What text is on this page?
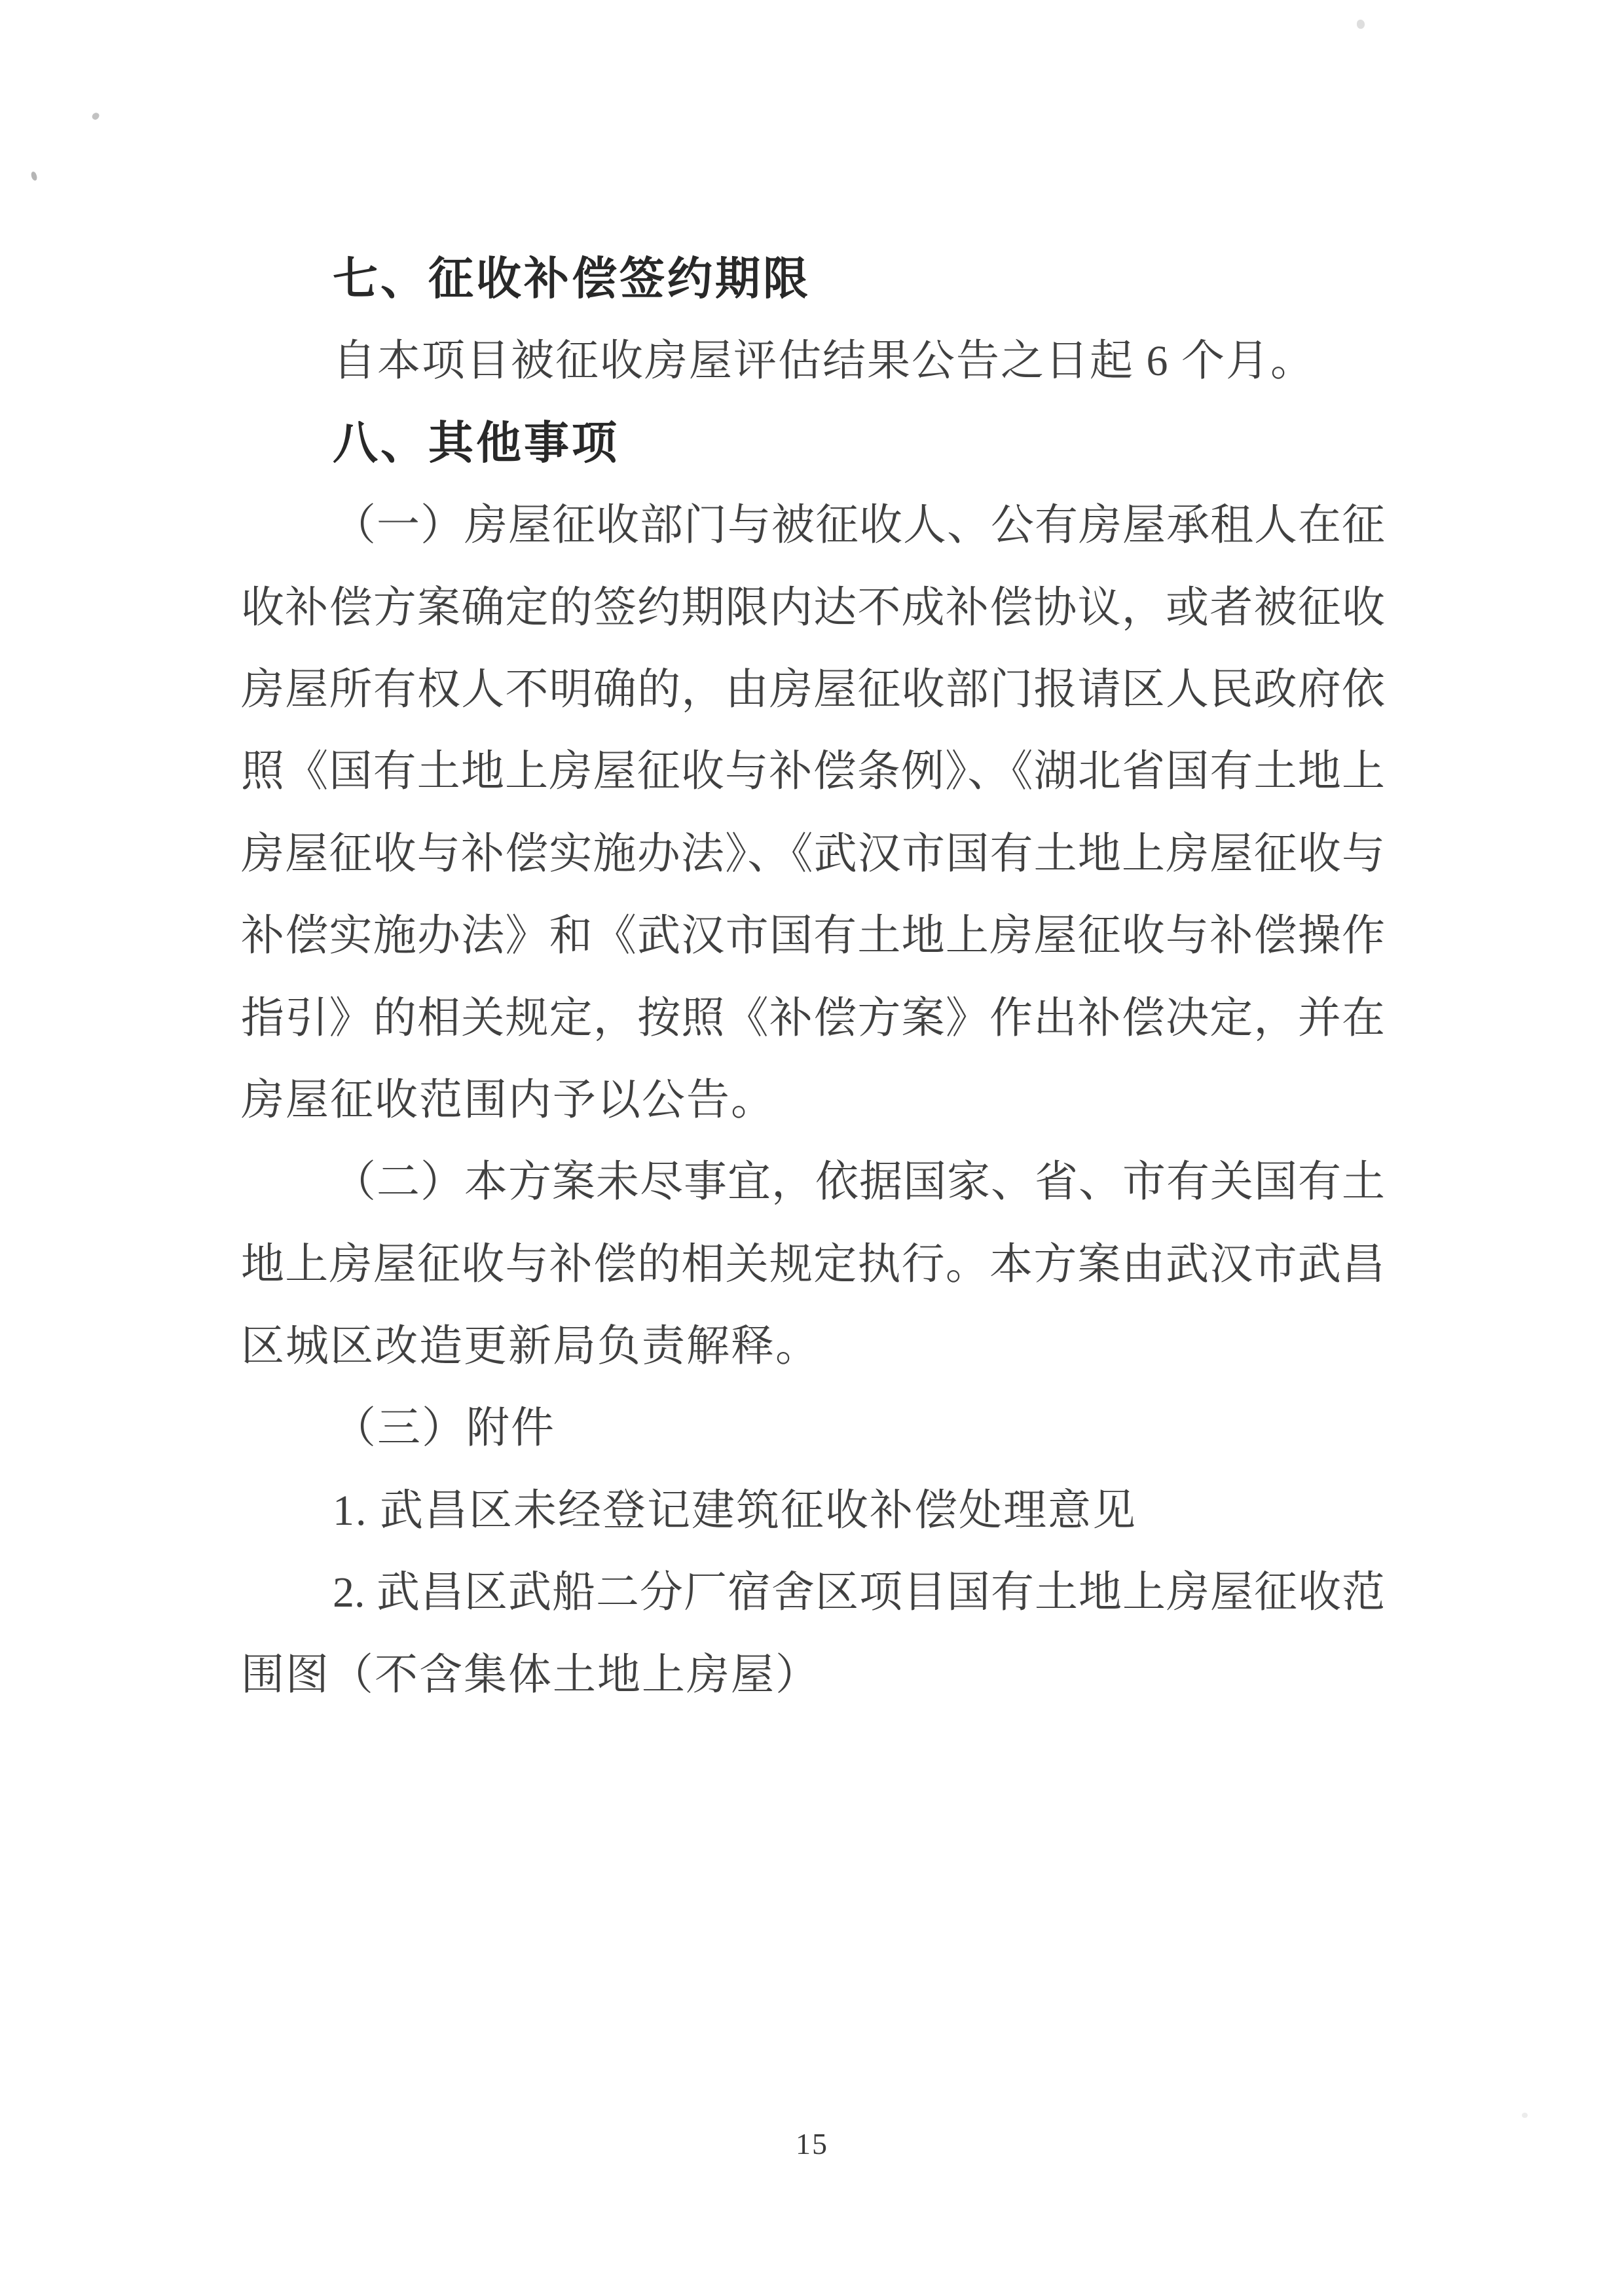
七、征收补偿签约期限
自本项目被征收房屋评估结果公告之日起 6 个月。
八、其他事项
（一）房屋征收部门与被征收人、公有房屋承租人在征
收补偿方案确定的签约期限内达不成补偿协议，或者被征收
房屋所有权人不明确的，由房屋征收部门报请区人民政府依
照《国有土地上房屋征收与补偿条例》、《湖北省国有土地上
房屋征收与补偿实施办法》、《武汉市国有土地上房屋征收与
补偿实施办法》和《武汉市国有土地上房屋征收与补偿操作
指引》的相关规定，按照《补偿方案》作出补偿决定，并在
房屋征收范围内予以公告。
（二）本方案未尽事宜，依据国家、省、市有关国有土
地上房屋征收与补偿的相关规定执行。本方案由武汉市武昌
区城区改造更新局负责解释。
（三）附件
1. 武昌区未经登记建筑征收补偿处理意见
2. 武昌区武船二分厂宿舍区项目国有土地上房屋征收范
围图（不含集体土地上房屋）
15
